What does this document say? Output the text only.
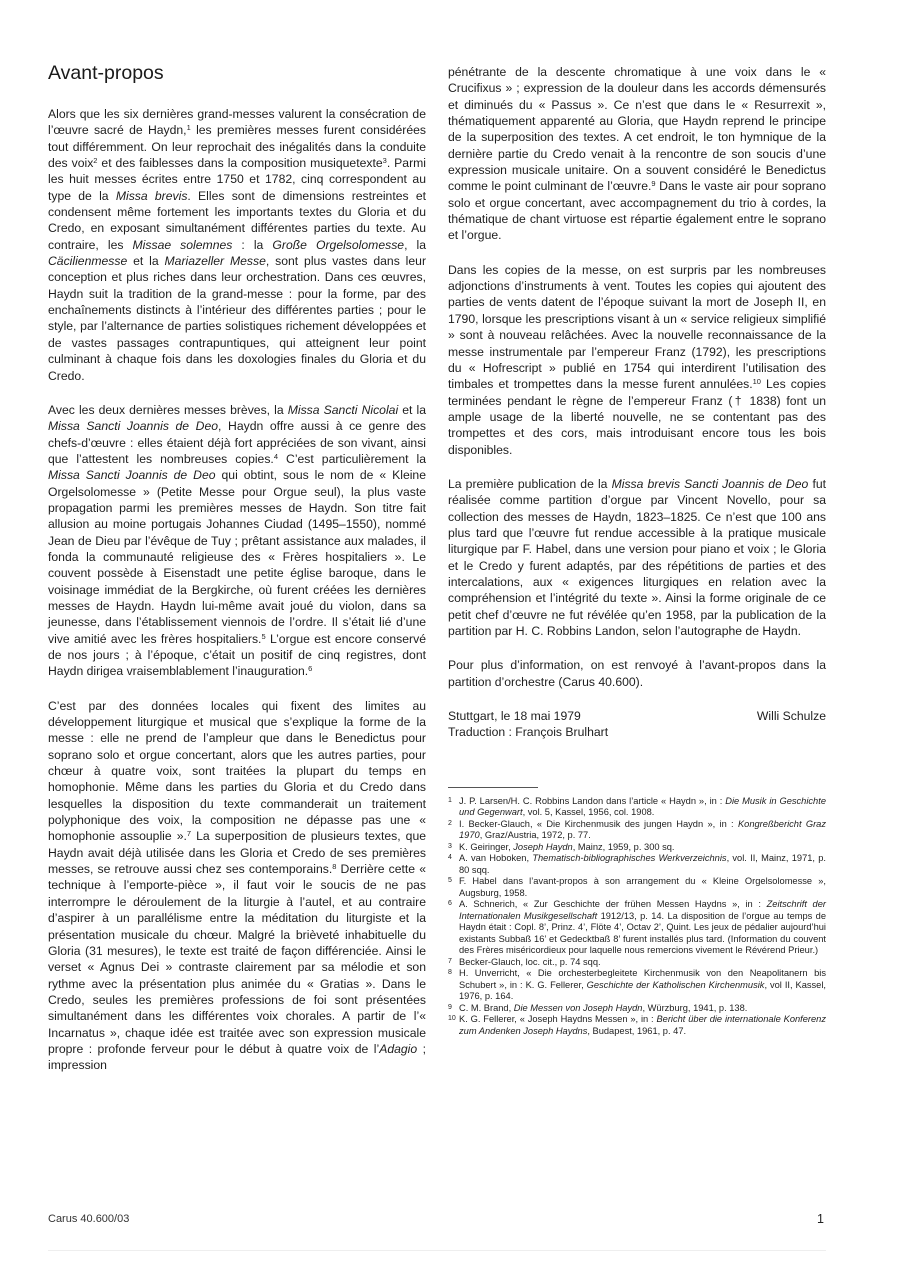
Avant-propos

Alors que les six dernières grand-messes valurent la consécration de l’œuvre sacré de Haydn,$^1$ les premières messes furent considérées tout différemment. On leur reprochait des inégalités dans la conduite des voix$^2$ et des faiblesses dans la composition musiquetexte$^3$. Parmi les huit messes écrites entre 1750 et 1782, cinq correspondent au type de la Missa brevis. Elles sont de dimensions restreintes et condensent même fortement les importants textes du Gloria et du Credo, en exposant simultanément différentes parties du texte. Au contraire, les Missae solemnes : la Große Orgelsolomesse, la Cäcilienmesse et la Mariazeller Messe, sont plus vastes dans leur conception et plus riches dans leur orchestration. Dans ces œuvres, Haydn suit la tradition de la grand-messe : pour la forme, par des enchaînements distincts à l’intérieur des différentes parties ; pour le style, par l’alternance de parties solistiques richement développées et de vastes passages contrapuntiques, qui atteignent leur point culminant à chaque fois dans les doxologies finales du Gloria et du Credo.

Avec les deux dernières messes brèves, la Missa Sancti Nicolai et la Missa Sancti Joannis de Deo, Haydn offre aussi à ce genre des chefs-d’œuvre : elles étaient déjà fort appréciées de son vivant, ainsi que l’attestent les nombreuses copies.$^4$ C’est particulièrement la Missa Sancti Joannis de Deo qui obtint, sous le nom de « Kleine Orgelsolomesse » (Petite Messe pour Orgue seul), la plus vaste propagation parmi les premières messes de Haydn. Son titre fait allusion au moine portugais Johannes Ciudad (1495–1550), nommé Jean de Dieu par l’évêque de Tuy ; prêtant assistance aux malades, il fonda la communauté religieuse des « Frères hospitaliers ». Le couvent possède à Eisenstadt une petite église baroque, dans le voisinage immédiat de la Bergkirche, où furent créées les dernières messes de Haydn. Haydn lui-même avait joué du violon, dans sa jeunesse, dans l’établissement viennois de l’ordre. Il s’était lié d’une vive amitié avec les frères hospitaliers.$^5$ L’orgue est encore conservé de nos jours ; à l’époque, c’était un positif de cinq registres, dont Haydn dirigea vraisemblablement l’inauguration.$^6$

C’est par des données locales qui fixent des limites au développement liturgique et musical que s’explique la forme de la messe : elle ne prend de l’ampleur que dans le Benedictus pour soprano solo et orgue concertant, alors que les autres parties, pour chœur à quatre voix, sont traitées la plupart du temps en homophonie. Même dans les parties du Gloria et du Credo dans lesquelles la disposition du texte commanderait un traitement polyphonique des voix, la composition ne dépasse pas une « homophonie assouplie ».$^7$ La superposition de plusieurs textes, que Haydn avait déjà utilisée dans les Gloria et Credo de ses premières messes, se retrouve aussi chez ses contemporains.$^8$ Derrière cette « technique à l’emporte-pièce », il faut voir le soucis de ne pas interrompre le déroulement de la liturgie à l’autel, et au contraire d’aspirer à un parallélisme entre la méditation du liturgiste et la présentation musicale du chœur. Malgré la brièveté inhabituelle du Gloria (31 mesures), le texte est traité de façon différenciée. Ainsi le verset « Agnus Dei » contraste clairement par sa mélodie et son rythme avec la présentation plus animée du « Gratias ». Dans le Credo, seules les premières professions de foi sont présentées simultanément dans les différentes voix chorales. A partir de l’« Incarnatus », chaque idée est traitée avec son expression musicale propre : profonde ferveur pour le début à quatre voix de l’Adagio ; impression

pénétrante de la descente chromatique à une voix dans le « Crucifixus » ; expression de la douleur dans les accords démensurés et diminués du « Passus ». Ce n’est que dans le « Resurrexit », thématiquement apparenté au Gloria, que Haydn reprend le principe de la superposition des textes. A cet endroit, le ton hymnique de la dernière partie du Credo venait à la rencontre de son soucis d’une expression musicale unitaire. On a souvent considéré le Benedictus comme le point culminant de l’œuvre.$^9$ Dans le vaste air pour soprano solo et orgue concertant, avec accompagnement du trio à cordes, la thématique de chant virtuose est répartie également entre le soprano et l’orgue.

Dans les copies de la messe, on est surpris par les nombreuses adjonctions d’instruments à vent. Toutes les copies qui ajoutent des parties de vents datent de l’époque suivant la mort de Joseph II, en 1790, lorsque les prescriptions visant à un « service religieux simplifié » sont à nouveau relâchées. Avec la nouvelle reconnaissance de la messe instrumentale par l’empereur Franz (1792), les prescriptions du « Hofrescript » publié en 1754 qui interdirent l’utilisation des timbales et trompettes dans la messe furent annulées.$^{10}$ Les copies terminées pendant le règne de l’empereur Franz († 1838) font un ample usage de la liberté nouvelle, ne se contentant pas des trompettes et des cors, mais introduisant encore tous les bois disponibles.

La première publication de la Missa brevis Sancti Joannis de Deo fut réalisée comme partition d’orgue par Vincent Novello, pour sa collection des messes de Haydn, 1823–1825. Ce n’est que 100 ans plus tard que l’œuvre fut rendue accessible à la pratique musicale liturgique par F. Habel, dans une version pour piano et voix ; le Gloria et le Credo y furent adaptés, par des répétitions de parties et des intercalations, aux « exigences liturgiques en relation avec la compréhension et l’intégrité du texte ». Ainsi la forme originale de ce petit chef d’œuvre ne fut révélée qu’en 1958, par la publication de la partition par H. C. Robbins Landon, selon l’autographe de Haydn.

Pour plus d’information, on est renvoyé à l’avant-propos dans la partition d’orchestre (Carus 40.600).

Stuttgart, le 18 mai 1979	Willi Schulze
Traduction : François Brulhart
1 J. P. Larsen/H. C. Robbins Landon dans l’article « Haydn », in : Die Musik in Geschichte und Gegenwart, vol. 5, Kassel, 1956, col. 1908.
2 I. Becker-Glauch, « Die Kirchenmusik des jungen Haydn », in : Kongreßbericht Graz 1970, Graz/Austria, 1972, p. 77.
3 K. Geiringer, Joseph Haydn, Mainz, 1959, p. 300 sq.
4 A. van Hoboken, Thematisch-bibliographisches Werkverzeichnis, vol. II, Mainz, 1971, p. 80 sqq.
5 F. Habel dans l’avant-propos à son arrangement du « Kleine Orgelsolomesse », Augsburg, 1958.
6 A. Schnerich, « Zur Geschichte der frühen Messen Haydns », in : Zeitschrift der Internationalen Musikgesellschaft 1912/13, p. 14. La disposition de l’orgue au temps de Haydn était : Copl. 8’, Prinz. 4’, Flöte 4’, Octav 2’, Quint. Les jeux de pédalier aujourd’hui existants Subbaß 16’ et Gedecktbaß 8’ furent installés plus tard. (Information du couvent des Frères miséricordieux pour laquelle nous remercions vivement le Révérend Prieur.)
7 Becker-Glauch, loc. cit., p. 74 sqq.
8 H. Unverricht, « Die orchesterbegleitete Kirchenmusik von den Neapolitanern bis Schubert », in : K. G. Fellerer, Geschichte der Katholischen Kirchenmusik, vol II, Kassel, 1976, p. 164.
9 C. M. Brand, Die Messen von Joseph Haydn, Würzburg, 1941, p. 138.
10 K. G. Fellerer, « Joseph Haydns Messen », in : Bericht über die internationale Konferenz zum Andenken Joseph Haydns, Budapest, 1961, p. 47.
Carus 40.600/03	1
